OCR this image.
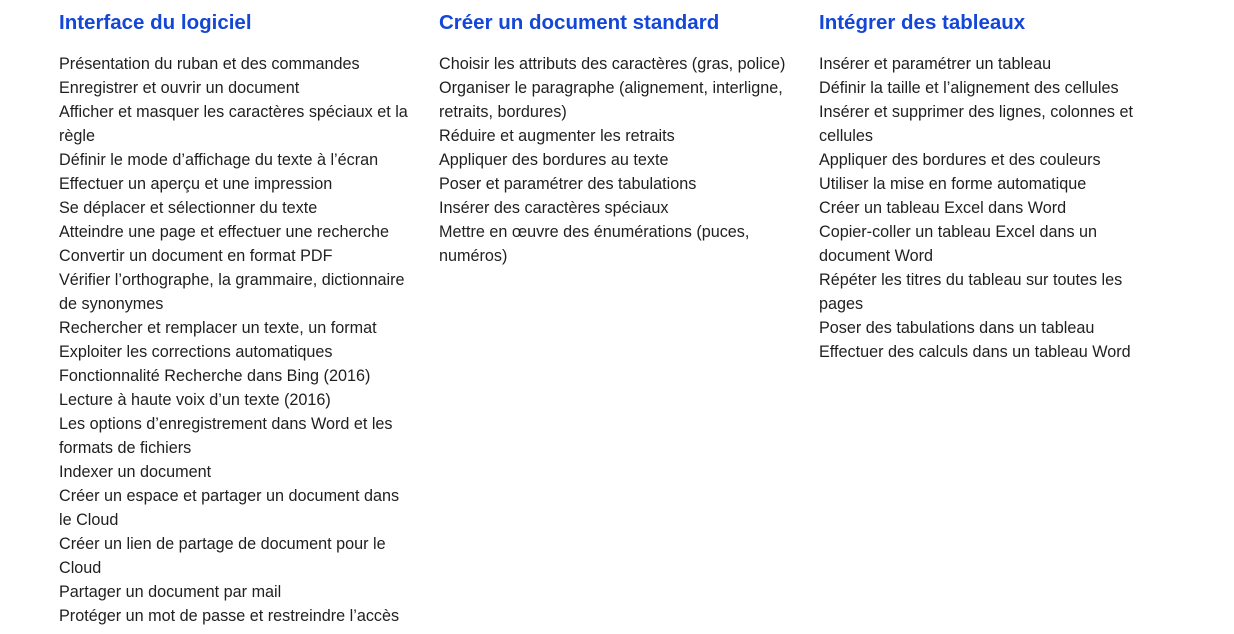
Interface du logiciel
Présentation du ruban et des commandes
Enregistrer et ouvrir un document
Afficher et masquer les caractères spéciaux et la règle
Définir le mode d’affichage du texte à l’écran
Effectuer un aperçu et une impression
Se déplacer et sélectionner du texte
Atteindre une page et effectuer une recherche
Convertir un document en format PDF
Vérifier l’orthographe, la grammaire, dictionnaire de synonymes
Rechercher et remplacer un texte, un format
Exploiter les corrections automatiques
Fonctionnalité Recherche dans Bing (2016)
Lecture à haute voix d’un texte (2016)
Les options d’enregistrement dans Word et les formats de fichiers
Indexer un document
Créer un espace et partager un document dans le Cloud
Créer un lien de partage de document pour le Cloud
Partager un document par mail
Protéger un mot de passe et restreindre l’accès
Créer un document standard
Choisir les attributs des caractères (gras, police)
Organiser le paragraphe (alignement, interligne, retraits, bordures)
Réduire et augmenter les retraits
Appliquer des bordures au texte
Poser et paramétrer des tabulations
Insérer des caractères spéciaux
Mettre en œuvre des énumérations (puces, numéros)
Intégrer des tableaux
Insérer et paramétrer un tableau
Définir la taille et l’alignement des cellules
Insérer et supprimer des lignes, colonnes et cellules
Appliquer des bordures et des couleurs
Utiliser la mise en forme automatique
Créer un tableau Excel dans Word
Copier-coller un tableau Excel dans un document Word
Répéter les titres du tableau sur toutes les pages
Poser des tabulations dans un tableau
Effectuer des calculs dans un tableau Word
